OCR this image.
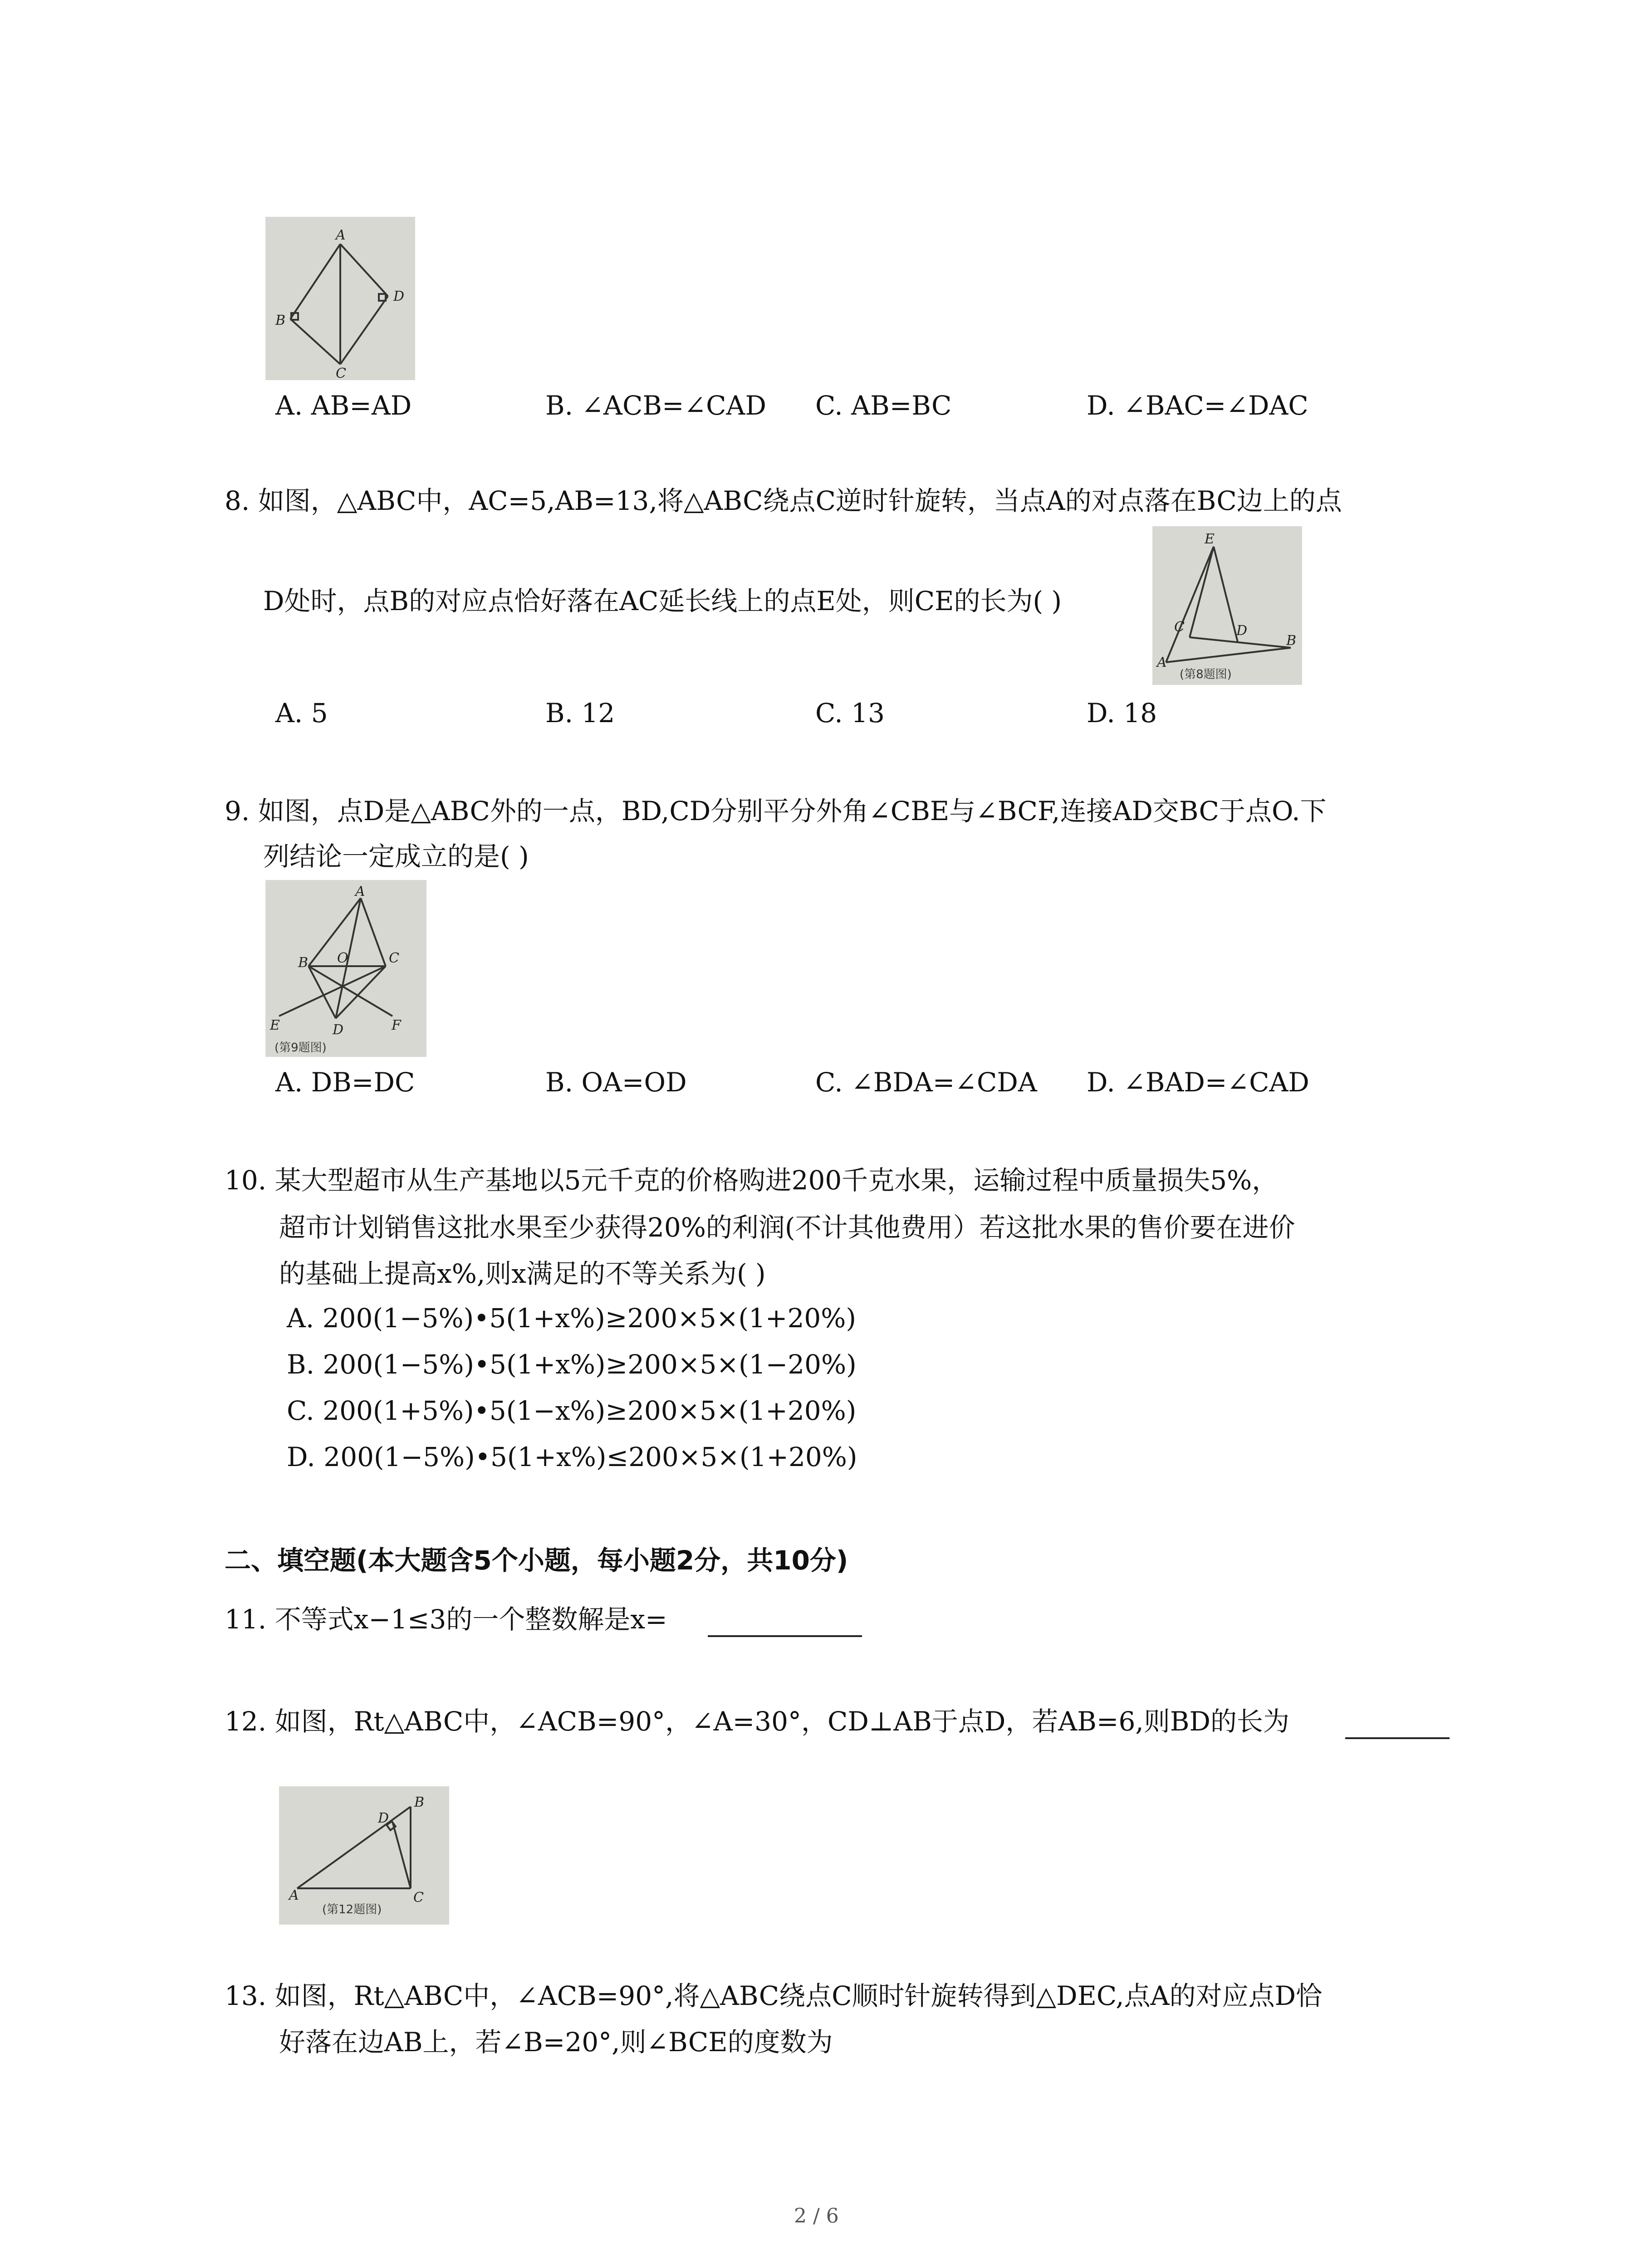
A
B
C
D
A. AB=AD	B. ∠ACB=∠CAD C. AB=BC	D. ∠BAC=∠DAC
8. 如图，△ABC中，AC=5,AB=13,将△ABC绕点C逆时针旋转，当点A的对点落在BC边上的点
D处时，点B的对应点恰好落在AC延长线上的点E处，则CE的长为( )
E
C	D
B
A
(第8题图)
A. 5	B. 12	C. 13	D. 18
9. 如图，点D是△ABC外的一点，BD,CD分别平分外角∠CBE与∠BCF,连接AD交BC于点O.下
列结论一定成立的是( )
A
B O	C
E	D	F
(第9题图)
A. DB=DC	B. OA=OD	C. ∠BDA=∠CDA D. ∠BAD=∠CAD
10. 某大型超市从生产基地以5元千克的价格购进200千克水果，运输过程中质量损失5%，
超市计划销售这批水果至少获得20%的利润(不计其他费用）若这批水果的售价要在进价
的基础上提高x%,则x满足的不等关系为( )
A. 200(1−5%)•5(1+x%)≥200×5×(1+20%)
B. 200(1−5%)•5(1+x%)≥200×5×(1−20%)
C. 200(1+5%)•5(1−x%)≥200×5×(1+20%)
D. 200(1−5%)•5(1+x%)≤200×5×(1+20%)
二、填空题(本大题含5个小题，每小题2分，共10分)
11. 不等式x−1≤3的一个整数解是x=
12. 如图，Rt△ABC中，∠ACB=90°，∠A=30°，CD⊥AB于点D，若AB=6,则BD的长为
D
B
A	C
(第12题图)
13. 如图，Rt△ABC中，∠ACB=90°,将△ABC绕点C顺时针旋转得到△DEC,点A的对应点D恰
好落在边AB上，若∠B=20°,则∠BCE的度数为
2 / 6
